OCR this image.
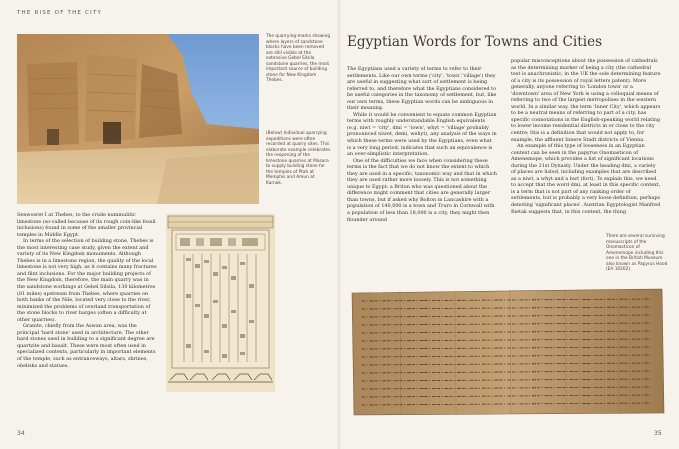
THE RISE OF THE CITY
The quarrying-marks showing where layers of sandstone blocks have been removed are still visible at the extensive Gebel Silsila sandstone quarries, the most important source of building stone for New Kingdom Thebes.
(Below) Individual quarrying expeditions were often recorded at quarry sites. This elaborate example celebrates the reopening of the limestone quarries at Masara to supply building stone for the temples of Ptah at Memphis and Amun at Karnak.

Senwosret I at Thebes, to the crude nummulitic limestone (so-called because of its rough coin-like fossil inclusions) found in some of the smaller provincial temples in Middle Egypt.

In terms of the selection of building stone, Thebes is the most interesting case study, given the extent and variety of its New Kingdom monuments. Although Thebes is in a limestone region, the quality of the local limestone is not very high, as it contains many fractures and flint inclusions. For the major building projects of the New Kingdom, therefore, the main quarry was in the sandstone workings at Gebel Silsila, 130 kilometres (81 miles) upstream from Thebes, where quarries on both banks of the Nile, located very close to the river, minimized the problems of overland transportation of the stone blocks to river barges (often a difficulty at other quarries).

Granite, chiefly from the Aswan area, was the principal 'hard stone' used in architecture. The other hard stones used in building to a significant degree are quartzite and basalt. These were most often used in specialized contexts, particularly in important elements of the temple, such as entranceways, altars, shrines, obelisks and statues.

34
Egyptian Words for Towns and Cities

The Egyptians used a variety of terms to refer to their settlements. Like our own terms ('city', 'town','village') they are useful in suggesting what sort of settlement is being referred to, and therefore what the Egyptians considered to be useful categories in the taxonomy of settlement, but, like our own terms, these Egyptian words can be ambiguous in their meaning.

While it would be convenient to equate common Egyptian terms with roughly understandable English equivalents (e.g. niwt = 'city', dmi = 'town', whyt = 'village' probably pronounced niwet, demi, wehyt), any analysis of the ways in which these terms were used by the Egyptians, even what is a very long period, indicates that such an equivalence is an over-simplistic interpretation.

One of the difficulties we face when considering these terms is the fact that we do not know the extent to which they are used in a specific, taxonomic way and that in which they are used rather more loosely. This is not something unique to Egypt: a Briton who was questioned about the difference might comment that cities are generally larger than towns, but if asked why Bolton in Lancashire with a population of 140,000 is a town and Truro in Cornwall with a population of less than 18,000 is a city, they might then flounder around

popular misconceptions about the possession of cathedrals as the determining marker of being a city (the cathedral test is anachronistic; in the UK the sole determining feature of a city is its possession of royal letters patent). More generally, anyone referring to 'London town' or a 'downtown' area of New York is using a colloquial means of referring to two of the largest metropolises in the western world. In a similar way, the term 'Inner City', which appears to be a neutral means of referring to part of a city, has specific connotations in the English-speaking world relating to lower income residential districts in or close to the city centre; this is a definition that would not apply to, for example, the affluent Innere Stadt districts of Vienna.

An example of this type of looseness in an Egyptian context can be seen in the papyrus Onomasticon of Amenemope, which provides a list of significant locations during the 21st Dynasty. Under the heading dmi, a variety of places are listed, including examples that are described as a niwt, a whyt and a hwt (fort). To explain this, we need to accept that the word dmi, at least in this specific context, is a term that is not part of any ranking order of settlements, but is probably a very loose definition, perhaps denoting 'significant places'. Austrian Egyptologist Manfred Bietak suggests that, in this context, the thing

There are several surviving manuscripts of the Onomasticon of Amenemope including this one in the British Museum also known as Papyrus Hood (EA 10202).
35
